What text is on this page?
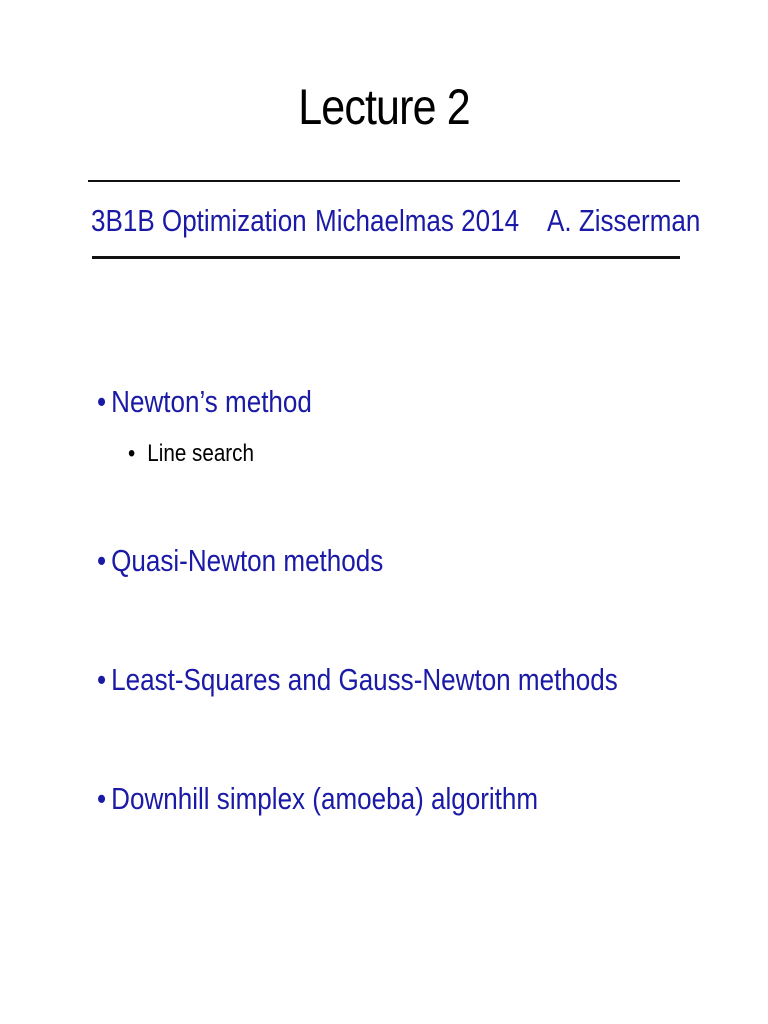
Lecture 2
3B1B Optimization Michaelmas 2014 A. Zisserman
• Newton’s method
• Line search
• Quasi-Newton methods
• Least-Squares and Gauss-Newton methods
• Downhill simplex (amoeba) algorithm
